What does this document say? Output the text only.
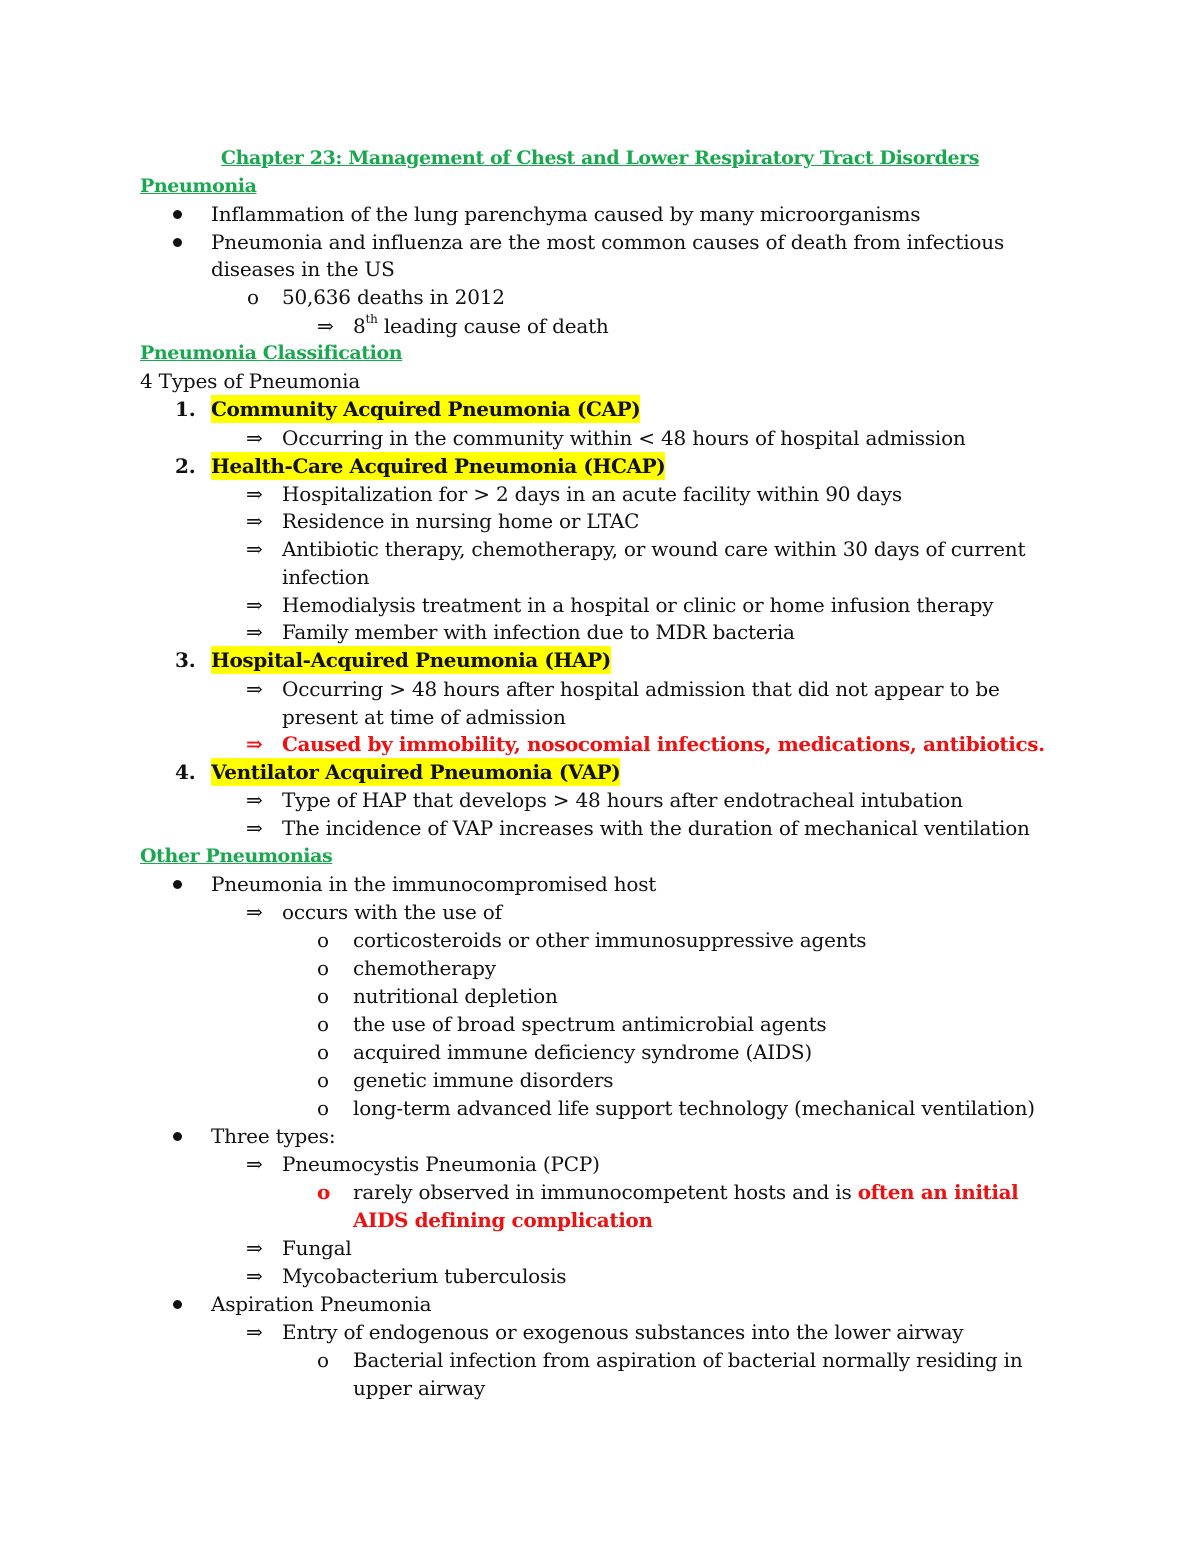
Chapter 23: Management of Chest and Lower Respiratory Tract Disorders
Pneumonia
Inflammation of the lung parenchyma caused by many microorganisms
Pneumonia and influenza are the most common causes of death from infectious
diseases in the US
o 50,636 deaths in 2012
⇒ 8th leading cause of death
Pneumonia Classification
4 Types of Pneumonia
1. Community Acquired Pneumonia (CAP)
⇒ Occurring in the community within < 48 hours of hospital admission
2. Health-Care Acquired Pneumonia (HCAP)
⇒ Hospitalization for > 2 days in an acute facility within 90 days
⇒ Residence in nursing home or LTAC
⇒ Antibiotic therapy, chemotherapy, or wound care within 30 days of current
infection
⇒ Hemodialysis treatment in a hospital or clinic or home infusion therapy
⇒ Family member with infection due to MDR bacteria
3. Hospital-Acquired Pneumonia (HAP)
⇒ Occurring > 48 hours after hospital admission that did not appear to be
present at time of admission
⇒ Caused by immobility, nosocomial infections, medications, antibiotics.
4. Ventilator Acquired Pneumonia (VAP)
⇒ Type of HAP that develops > 48 hours after endotracheal intubation
⇒ The incidence of VAP increases with the duration of mechanical ventilation
Other Pneumonias
Pneumonia in the immunocompromised host
⇒ occurs with the use of
o corticosteroids or other immunosuppressive agents
o chemotherapy
o nutritional depletion
o the use of broad spectrum antimicrobial agents
o acquired immune deficiency syndrome (AIDS)
o genetic immune disorders
o long-term advanced life support technology (mechanical ventilation)
Three types:
⇒ Pneumocystis Pneumonia (PCP)
o rarely observed in immunocompetent hosts and is often an initial
AIDS defining complication
⇒ Fungal
⇒ Mycobacterium tuberculosis
Aspiration Pneumonia
⇒ Entry of endogenous or exogenous substances into the lower airway
o Bacterial infection from aspiration of bacterial normally residing in
upper airway
